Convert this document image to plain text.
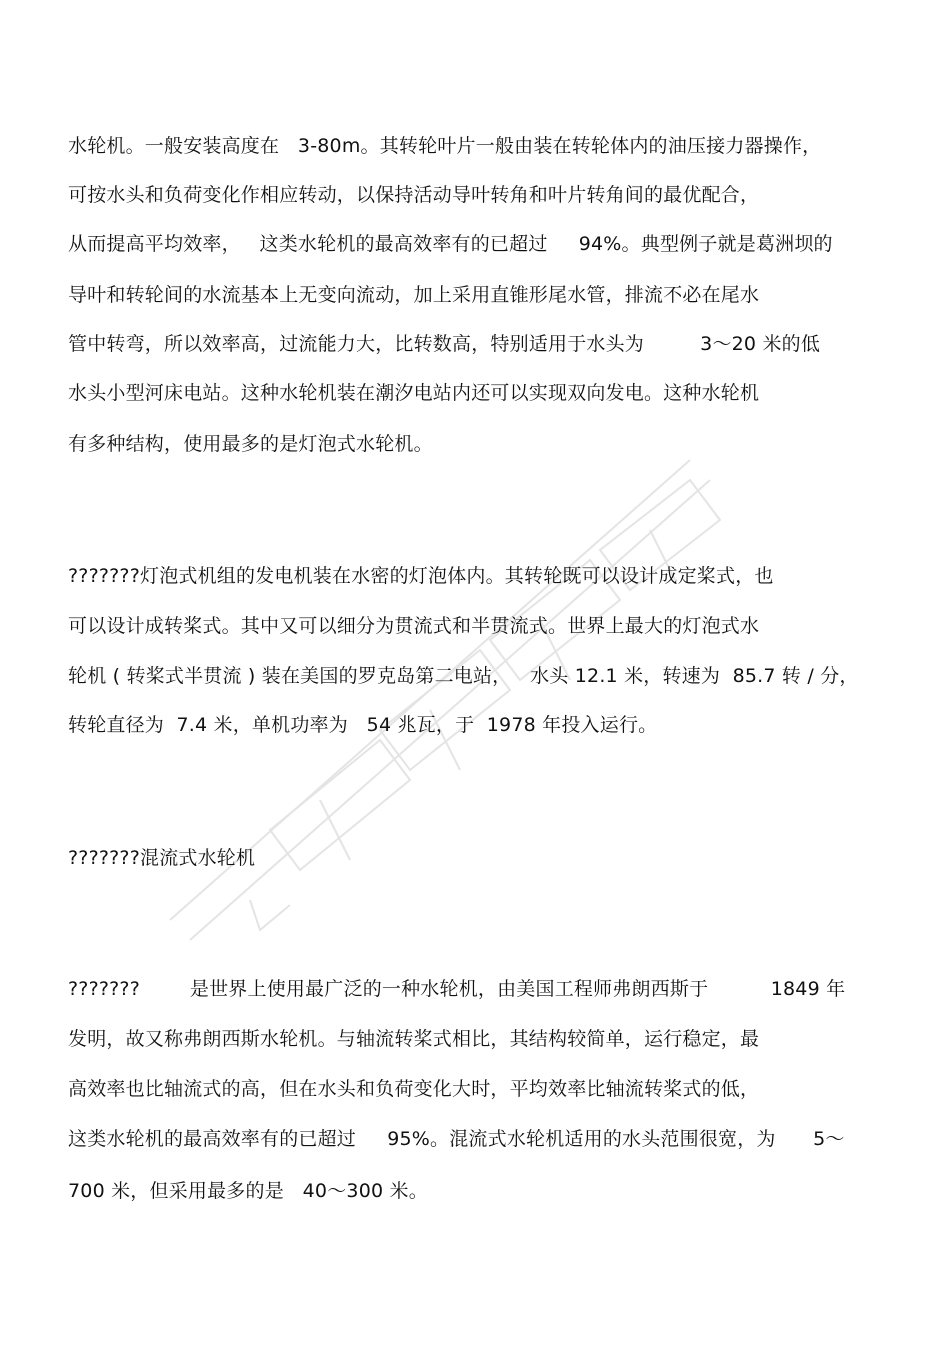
水轮机。一般安装高度在   3-80m。其转轮叶片一般由装在转轮体内的油压接力器操作，
可按水头和负荷变化作相应转动，以保持活动导叶转角和叶片转角间的最优配合，
从而提高平均效率，   这类水轮机的最高效率有的已超过     94%。典型例子就是葛洲坝的
导叶和转轮间的水流基本上无变向流动，加上采用直锥形尾水管，排流不必在尾水
管中转弯，所以效率高，过流能力大，比转数高，特别适用于水头为         3～20 米的低
水头小型河床电站。这种水轮机装在潮汐电站内还可以实现双向发电。这种水轮机
有多种结构，使用最多的是灯泡式水轮机。
???????灯泡式机组的发电机装在水密的灯泡体内。其转轮既可以设计成定桨式，也
可以设计成转桨式。其中又可以细分为贯流式和半贯流式。世界上最大的灯泡式水
轮机 ( 转桨式半贯流 ) 装在美国的罗克岛第二电站，   水头 12.1 米，转速为  85.7 转 / 分，
转轮直径为  7.4 米，单机功率为   54 兆瓦，于  1978 年投入运行。
???????混流式水轮机
???????        是世界上使用最广泛的一种水轮机，由美国工程师弗朗西斯于          1849 年
发明，故又称弗朗西斯水轮机。与轴流转桨式相比，其结构较简单，运行稳定，最
高效率也比轴流式的高，但在水头和负荷变化大时，平均效率比轴流转桨式的低，
这类水轮机的最高效率有的已超过     95%。混流式水轮机适用的水头范围很宽，为      5～
700 米，但采用最多的是   40～300 米。
